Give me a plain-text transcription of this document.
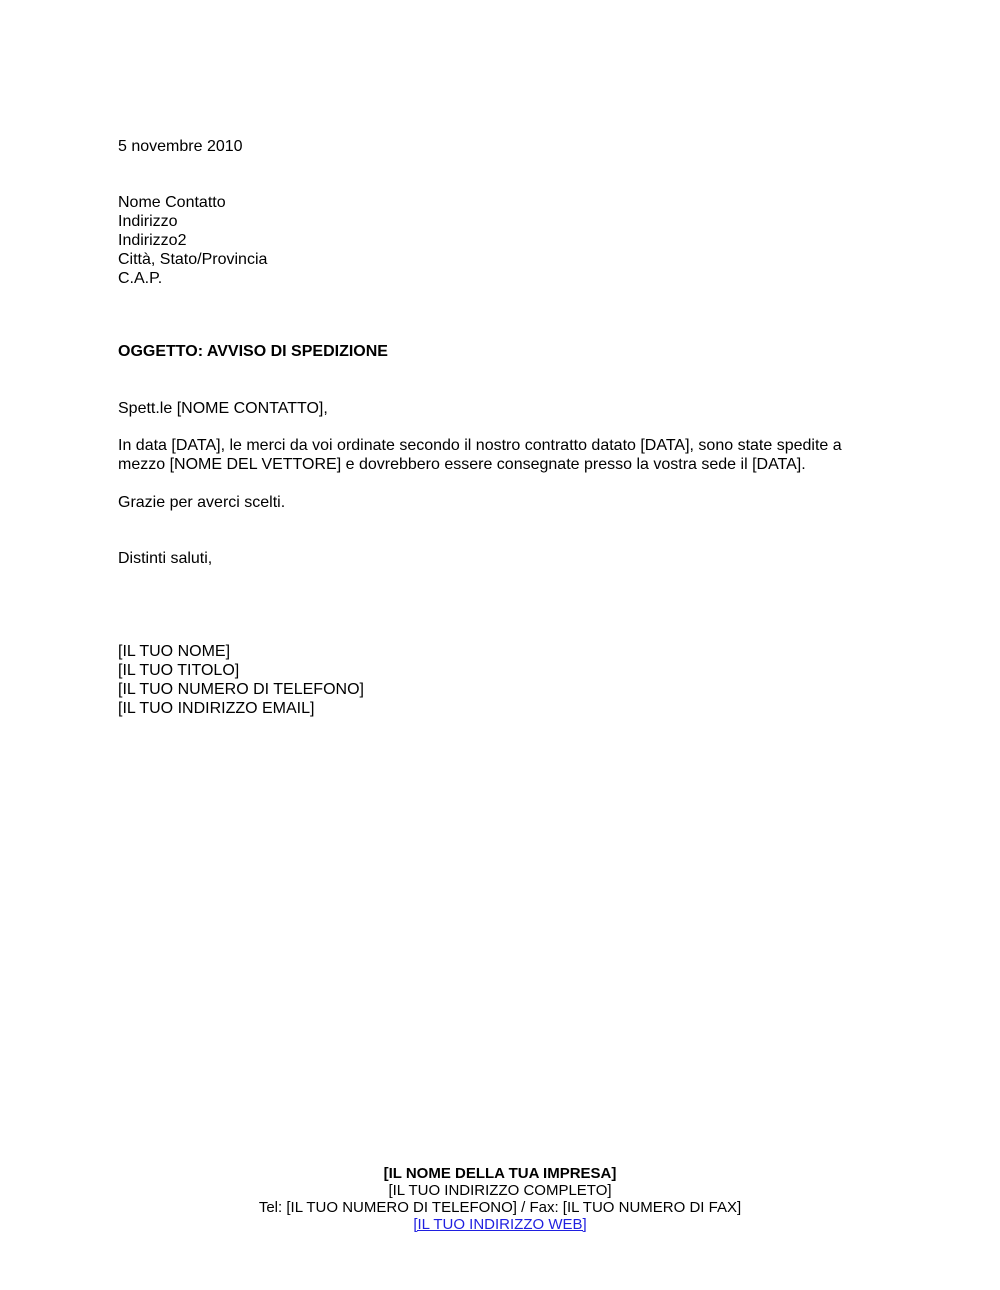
5 novembre 2010
Nome Contatto
Indirizzo
Indirizzo2
Città, Stato/Provincia
C.A.P.
OGGETTO: AVVISO DI SPEDIZIONE
Spett.le [NOME CONTATTO],
In data [DATA], le merci da voi ordinate secondo il nostro contratto datato [DATA], sono state spedite a
mezzo [NOME DEL VETTORE] e dovrebbero essere consegnate presso la vostra sede il [DATA].
Grazie per averci scelti.
Distinti saluti,
[IL TUO NOME]
[IL TUO TITOLO]
[IL TUO NUMERO DI TELEFONO]
[IL TUO INDIRIZZO EMAIL]
[IL NOME DELLA TUA IMPRESA]
[IL TUO INDIRIZZO COMPLETO]
Tel: [IL TUO NUMERO DI TELEFONO] / Fax: [IL TUO NUMERO DI FAX]
[IL TUO INDIRIZZO WEB]
